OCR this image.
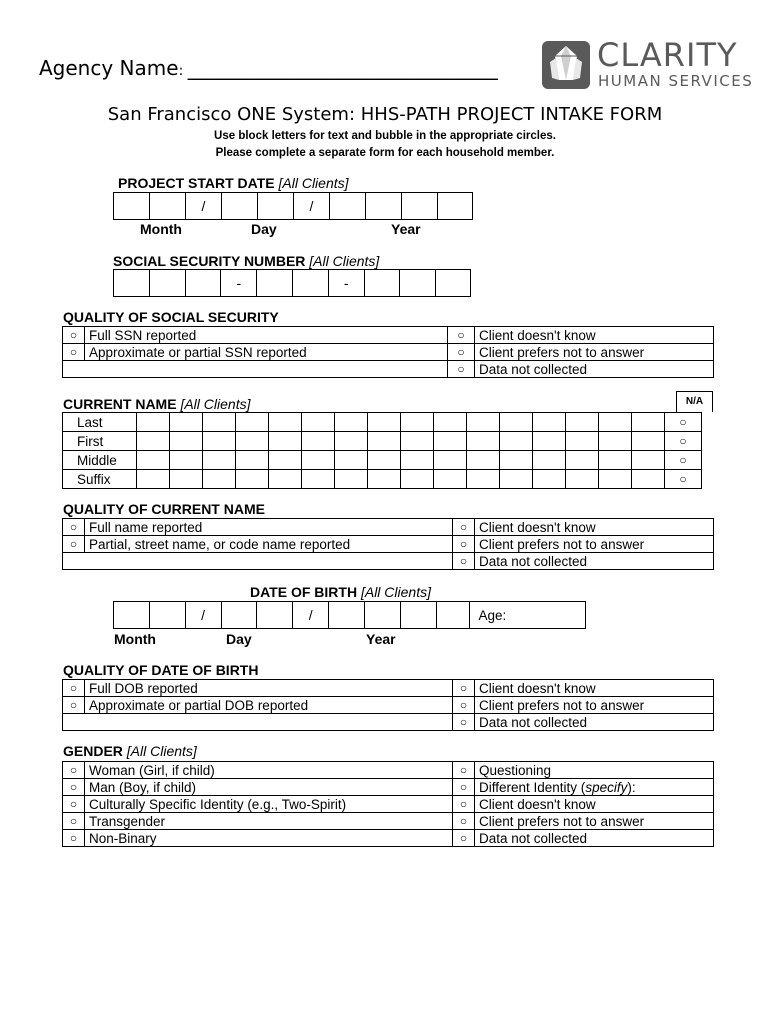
Agency Name: _______________________________	CLARITY
HUMAN SERVICES
San Francisco ONE System: HHS-PATH PROJECT INTAKE FORM
Use block letters for text and bubble in the appropriate circles.
Please complete a separate form for each household member.
PROJECT START DATE [All Clients]
/	/
Month	Day	Year
SOCIAL SECURITY NUMBER [All Clients]
-	-
QUALITY OF SOCIAL SECURITY
○	Full SSN reported	○	Client doesn't know
○	Approximate or partial SSN reported	○	Client prefers not to answer
		○	Data not collected
CURRENT NAME [All Clients]	N/A
Last																	○
First																	○
Middle																	○
Suffix																	○
QUALITY OF CURRENT NAME
○	Full name reported	○	Client doesn't know
○	Partial, street name, or code name reported	○	Client prefers not to answer
		○	Data not collected
DATE OF BIRTH [All Clients]
/	/	Age:
Month	Day	Year
QUALITY OF DATE OF BIRTH
○	Full DOB reported	○	Client doesn't know
○	Approximate or partial DOB reported	○	Client prefers not to answer
		○	Data not collected
GENDER [All Clients]
○	Woman (Girl, if child)	○	Questioning
○	Man (Boy, if child)	○	Different Identity (specify):
○	Culturally Specific Identity (e.g., Two-Spirit)	○	Client doesn't know
○	Transgender	○	Client prefers not to answer
○	Non-Binary	○	Data not collected
